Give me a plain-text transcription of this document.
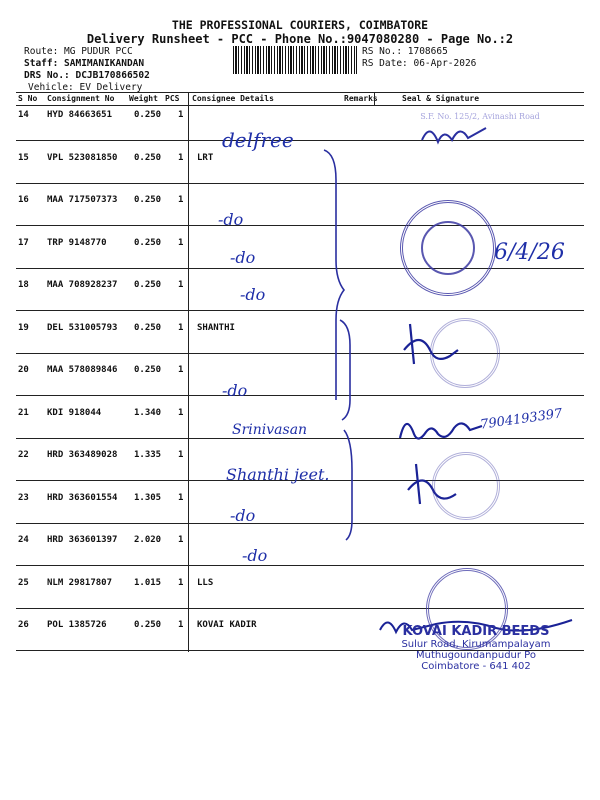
THE PROFESSIONAL COURIERS, COIMBATORE
Delivery Runsheet - PCC - Phone No.:9047080280 - Page No.:2
Route: MG PUDUR PCC
Staff: SAMIMANIKANDAN
DRS No.: DCJB170866502
Vehicle: EV Delivery
RS No.: 1708665
RS Date: 06-Apr-2026
S No Consignment No Weight PCS Consignee Details	Remarks	Seal & Signature
14 HYD 84663651 0.250 1
15 VPL 523081850 0.250 1 LRT
16 MAA 717507373 0.250 1
17 TRP 9148770	0.250 1
18 MAA 708928237 0.250 1
19 DEL 531005793 0.250 1 SHANTHI
20 MAA 578089846 0.250 1
21 KDI 918044	1.340 1
22 HRD 363489028 1.335 1
23 HRD 363601554 1.305 1
24 HRD 363601397 2.020 1
25 NLM 29817807 1.015 1 LLS
26 POL 1385726	0.250 1 KOVAI KADIR
delfree
-do
-do
-do
-do
Srinivasan
Shanthi jeet.
-do
-do
7904193397
6/4/26
S.F. No. 125/2, Avinashi Road
KOVAI KADIR BEEDS
Sulur Road, Kirumampalayam
Muthugoundanpudur Po
Coimbatore - 641 402
